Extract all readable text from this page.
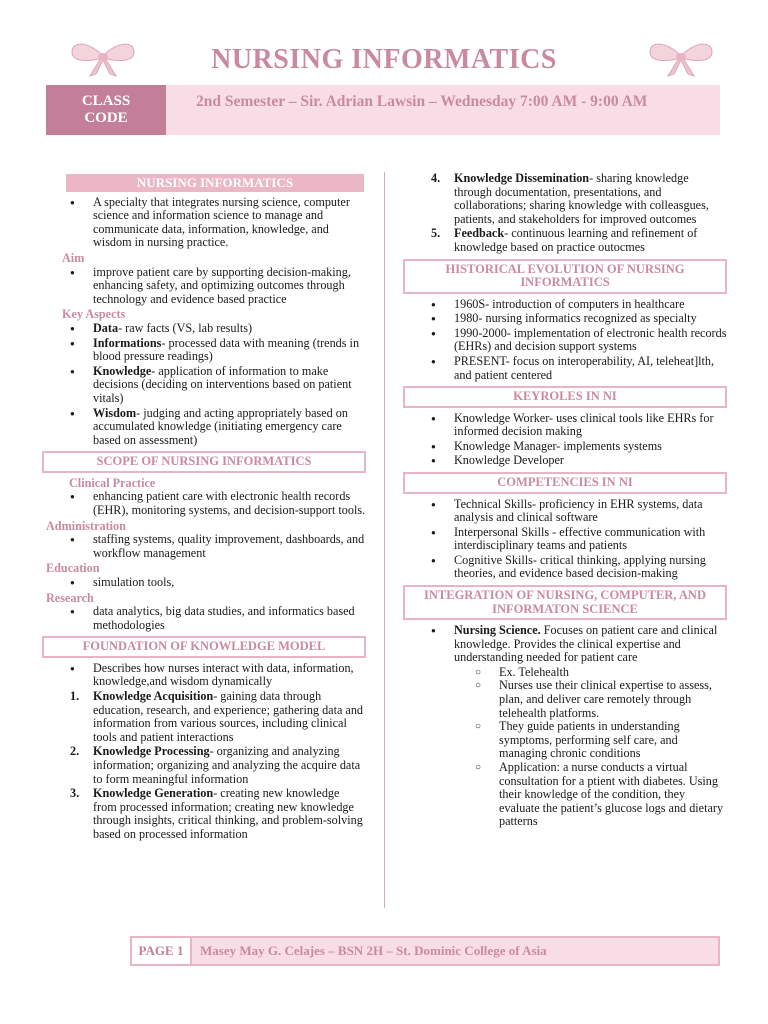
NURSING INFORMATICS
CLASS
CODE
2nd Semester – Sir. Adrian Lawsin – Wednesday 7:00 AM - 9:00 AM
NURSING INFORMATICS
● A specialty that integrates nursing science, computer science and information science to manage and communicate data, information, knowledge, and wisdom in nursing practice.
Aim
● improve patient care by supporting decision-making, enhancing safety, and optimizing outcomes through technology and evidence based practice
Key Aspects
● Data- raw facts (VS, lab results)
● Informations- processed data with meaning (trends in blood pressure readings)
● Knowledge- application of information to make decisions (deciding on interventions based on patient vitals)
● Wisdom- judging and acting appropriately based on accumulated knowledge (initiating emergency care based on assessment)
SCOPE OF NURSING INFORMATICS
Clinical Practice
● enhancing patient care with electronic health records (EHR), monitoring systems, and decision-support tools.
Administration
● staffing systems, quality improvement, dashboards, and workflow management
Education
● simulation tools,
Research
● data analytics, big data studies, and informatics based methodologies
FOUNDATION OF KNOWLEDGE MODEL
● Describes how nurses interact with data, information, knowledge,and wisdom dynamically
1. Knowledge Acquisition- gaining data through education, research, and experience; gathering data and information from various sources, including clinical tools and patient interactions
2. Knowledge Processing- organizing and analyzing information; organizing and analyzing the acquire data to form meaningful information
3. Knowledge Generation- creating new knowledge from processed information; creating new knowledge through insights, critical thinking, and problem-solving based on processed information
4. Knowledge Dissemination- sharing knowledge through documentation, presentations, and collaborations; sharing knowledge with colleasgues, patients, and stakeholders for improved outcomes
5. Feedback- continuous learning and refinement of knowledge based on practice outocmes
HISTORICAL EVOLUTION OF NURSING INFORMATICS
● 1960S- introduction of computers in healthcare
● 1980- nursing informatics recognized as specialty
● 1990-2000- implementation of electronic health records (EHRs) and decision support systems
● PRESENT- focus on interoperability, AI, teleheat]lth, and patient centered
KEYROLES IN NI
● Knowledge Worker- uses clinical tools like EHRs for informed decision making
● Knowledge Manager- implements systems
● Knowledge Developer
COMPETENCIES IN NI
● Technical Skills- proficiency in EHR systems, data analysis and clinical software
● Interpersonal Skills - effective communication with interdisciplinary teams and patients
● Cognitive Skills- critical thinking, applying nursing theories, and evidence based decision-making
INTEGRATION OF NURSING, COMPUTER, AND INFORMATON SCIENCE
● Nursing Science. Focuses on patient care and clinical knowledge. Provides the clinical expertise and understanding needed for patient care
○ Ex. Telehealth
○ Nurses use their clinical expertise to assess, plan, and deliver care remotely through telehealth platforms.
○ They guide patients in understanding symptoms, performing self care, and managing chronic conditions
○ Application: a nurse conducts a virtual consultation for a ptient with diabetes. Using their knowledge of the condition, they evaluate the patient’s glucose logs and dietary patterns
PAGE 1	Masey May G. Celajes – BSN 2H – St. Dominic College of Asia
